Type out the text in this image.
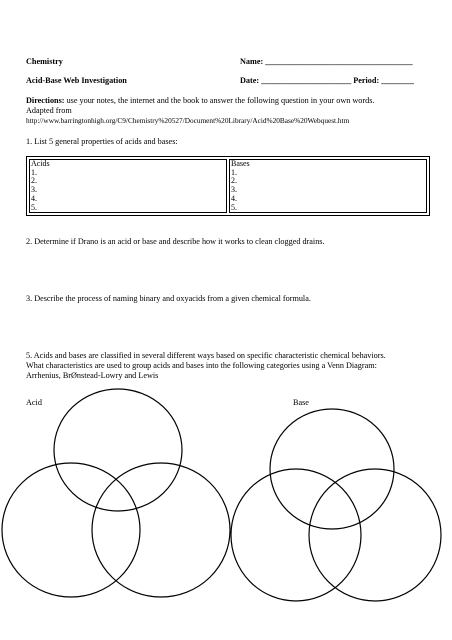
Chemistry	Name: ____________________________________
Acid-Base Web Investigation	Date: ______________________ Period: ________
Directions: use your notes, the internet and the book to answer the following question in your own words.
Adapted from
http://www.barringtonhigh.org/C9/Chemistry%20527/Document%20Library/Acid%20Base%20Webquest.htm
1. List 5 general properties of acids and bases:
Acids
1.
2.
3.
4.
5.

Bases
1.
2.
3.
4.
5.
2. Determine if Drano is an acid or base and describe how it works to clean clogged drains.
3. Describe the process of naming binary and oxyacids from a given chemical formula.
5. Acids and bases are classified in several different ways based on specific characteristic chemical behaviors.
What characteristics are used to group acids and bases into the following categories using a Venn Diagram:
Arrhenius, BrØnstead-Lowry and Lewis
Acid	Base
